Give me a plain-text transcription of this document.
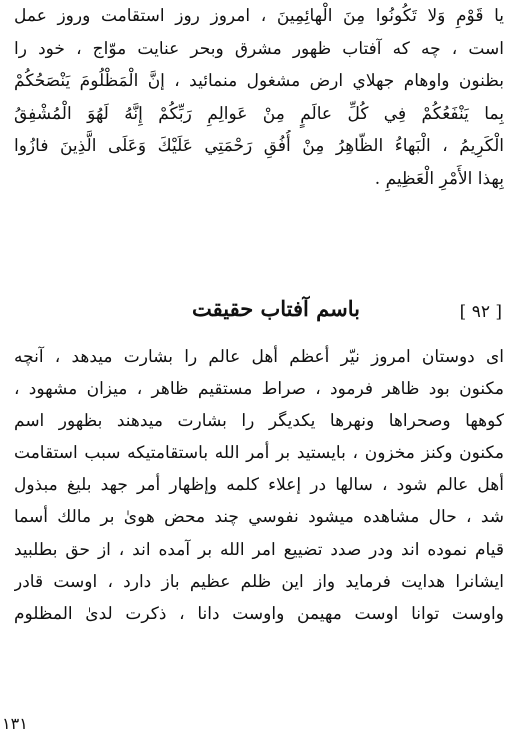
يا قَوْمِ وَلا تَكُونُوا مِنَ الْهائِمِينَ ، امروز روز استقامت وروز عمل
است ، چه كه آفتاب ظهور مشرق وبحر عنايت موّاج ، خود را
بظنون واوهام جهلاي ارض مشغول منمائيد ، إنَّ الْمَظْلُومَ يَنْصَحُكُمْ
بِما يَنْفَعُكُمْ فِي كُلِّ عالَمٍ مِنْ عَوالِمِ رَبِّكُمْ إِنَّهُ لَهُوَ الْمُشْفِقُ
الْكَرِيمُ ، الْبَهاءُ الظّاهِرُ مِنْ أُفُقِ رَحْمَتِي عَلَيْكَ وَعَلَى الَّذِينَ فازُوا
بِهذا الأَمْرِ الْعَظِيمِ .
[ ٩٢ ]
باسم آفتاب حقيقت
اى دوستان امروز نيّر أعظم أهل عالم را بشارت ميدهد ، آنچه
مكنون بود ظاهر فرمود ، صراط مستقيم ظاهر ، ميزان مشهود ،
كوهها وصحراها ونهرها يكديگر را بشارت ميدهند بظهور اسم
مكنون وكنز مخزون ، بايستيد بر أمر الله باستقامتيكه سبب استقامت
أهل عالم شود ، سالها در إعلاء كلمه وإظهار أمر جهد بليغ مبذول
شد ، حال مشاهده ميشود نفوسي چند محض هوىٰ بر مالك أسما
قيام نموده اند ودر صدد تضييع امر الله بر آمده اند ، از حق بطلبيد
ايشانرا هدايت فرمايد واز اين ظلم عظيم باز دارد ، اوست قادر
واوست توانا اوست مهيمن واوست دانا ، ذكرت لدىٰ المظلوم
١٣١
